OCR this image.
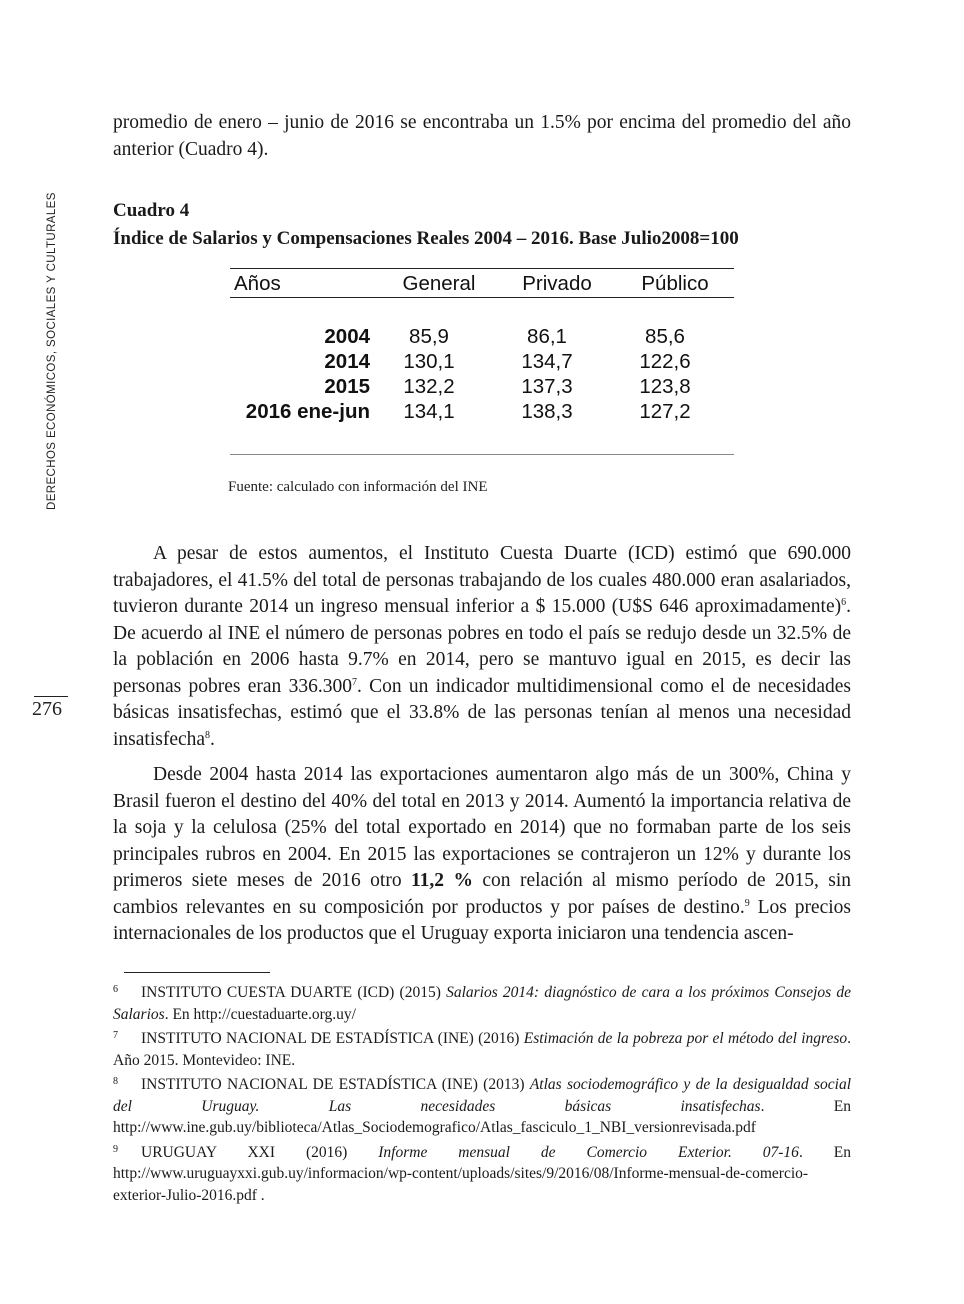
DERECHOS ECONÓMICOS, SOCIALES Y CULTURALES
276
promedio de enero – junio de 2016 se encontraba un 1.5% por encima del promedio del año anterior (Cuadro 4).
Cuadro 4
Índice de Salarios y Compensaciones Reales 2004 – 2016. Base Julio2008=100
Años	General	Privado	Público
2004	85,9	86,1	85,6
2014	130,1	134,7	122,6
2015	132,2	137,3	123,8
2016 ene-jun	134,1	138,3	127,2
Fuente: calculado con información del INE
A pesar de estos aumentos, el Instituto Cuesta Duarte (ICD) estimó que 690.000 trabajadores, el 41.5% del total de personas trabajando de los cuales 480.000 eran asalariados, tuvieron durante 2014 un ingreso mensual inferior a $ 15.000 (U$S 646 aproximadamente)$^6$. De acuerdo al INE el número de personas pobres en todo el país se redujo desde un 32.5% de la población en 2006 hasta 9.7% en 2014, pero se mantuvo igual en 2015, es decir las personas pobres eran 336.300$^7$. Con un indicador multidimensional como el de necesidades básicas insatisfechas, estimó que el 33.8% de las personas tenían al menos una necesidad insatisfecha$^8$.
Desde 2004 hasta 2014 las exportaciones aumentaron algo más de un 300%, China y Brasil fueron el destino del 40% del total en 2013 y 2014. Aumentó la importancia relativa de la soja y la celulosa (25% del total exportado en 2014) que no formaban parte de los seis principales rubros en 2004. En 2015 las exportaciones se contrajeron un 12% y durante los primeros siete meses de 2016 otro 11,2 % con relación al mismo período de 2015, sin cambios relevantes en su composición por productos y por países de destino.$^9$ Los precios internacionales de los productos que el Uruguay exporta iniciaron una tendencia ascen-

6 INSTITUTO CUESTA DUARTE (ICD) (2015) Salarios 2014: diagnóstico de cara a los próximos Consejos de Salarios. En http://cuestaduarte.org.uy/

7 INSTITUTO NACIONAL DE ESTADÍSTICA (INE) (2016) Estimación de la pobreza por el método del ingreso. Año 2015. Montevideo: INE.

8 INSTITUTO NACIONAL DE ESTADÍSTICA (INE) (2013) Atlas sociodemográfico y de la desigualdad social del Uruguay. Las necesidades básicas insatisfechas. En http://www.ine.gub.uy/biblioteca/Atlas_Sociodemografico/Atlas_fasciculo_1_NBI_versionrevisada.pdf

9 URUGUAY XXI (2016) Informe mensual de Comercio Exterior. 07-16. En http://www.uruguayxxi.gub.uy/informacion/wp-content/uploads/sites/9/2016/08/Informe-mensual-de-comercio-exterior-Julio-2016.pdf .
